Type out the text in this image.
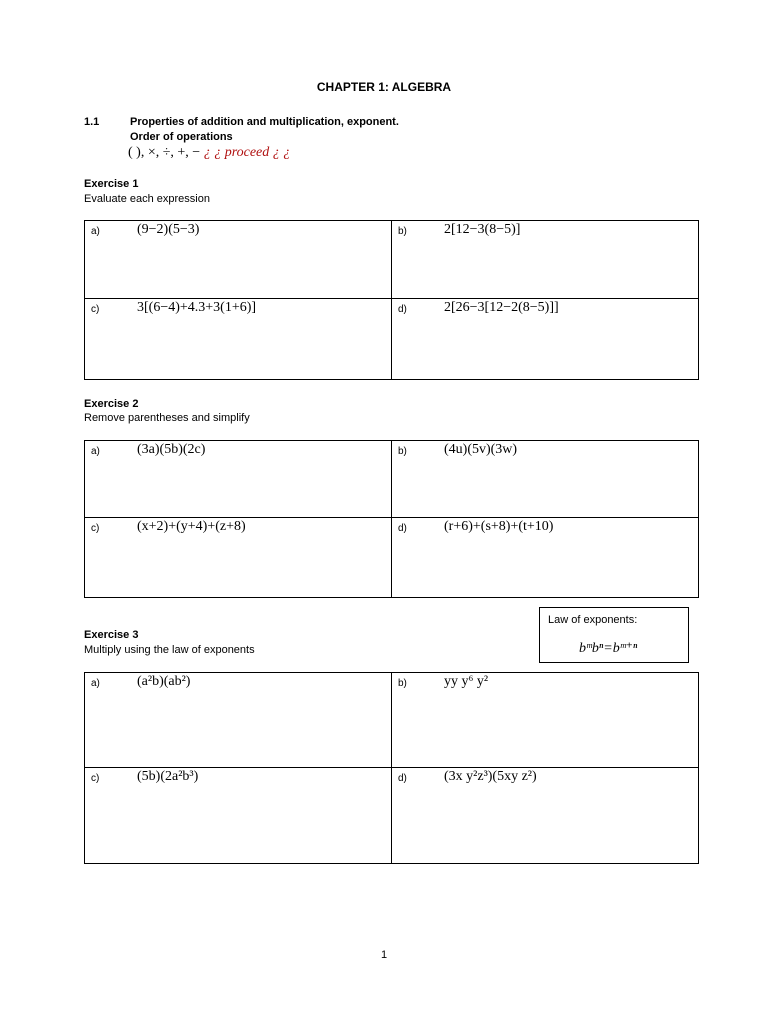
CHAPTER 1: ALGEBRA
1.1	Properties of addition and multiplication, exponent.
Order of operations
( ), ×, ÷, +, − ¿ ¿ proceed ¿ ¿
Exercise 1
Evaluate each expression
a) (9−2)(5−3)	b) 2[12−3(8−5)]

c) 3[(6−4)+4.3+3(1+6)]	d) 2[26−3[12−2(8−5)]]
Exercise 2
Remove parentheses and simplify
a) (3a)(5b)(2c)	b) (4u)(5v)(3w)

c) (x+2)+(y+4)+(z+8)	d) (r+6)+(s+8)+(t+10)
Law of exponents:
bᵐbⁿ=bᵐ⁺ⁿ
Exercise 3
Multiply using the law of exponents
a) (a²b)(ab²)	b) yy y⁶ y²

c) (5b)(2a²b³)	d) (3x y²z³)(5xy z²)
1
